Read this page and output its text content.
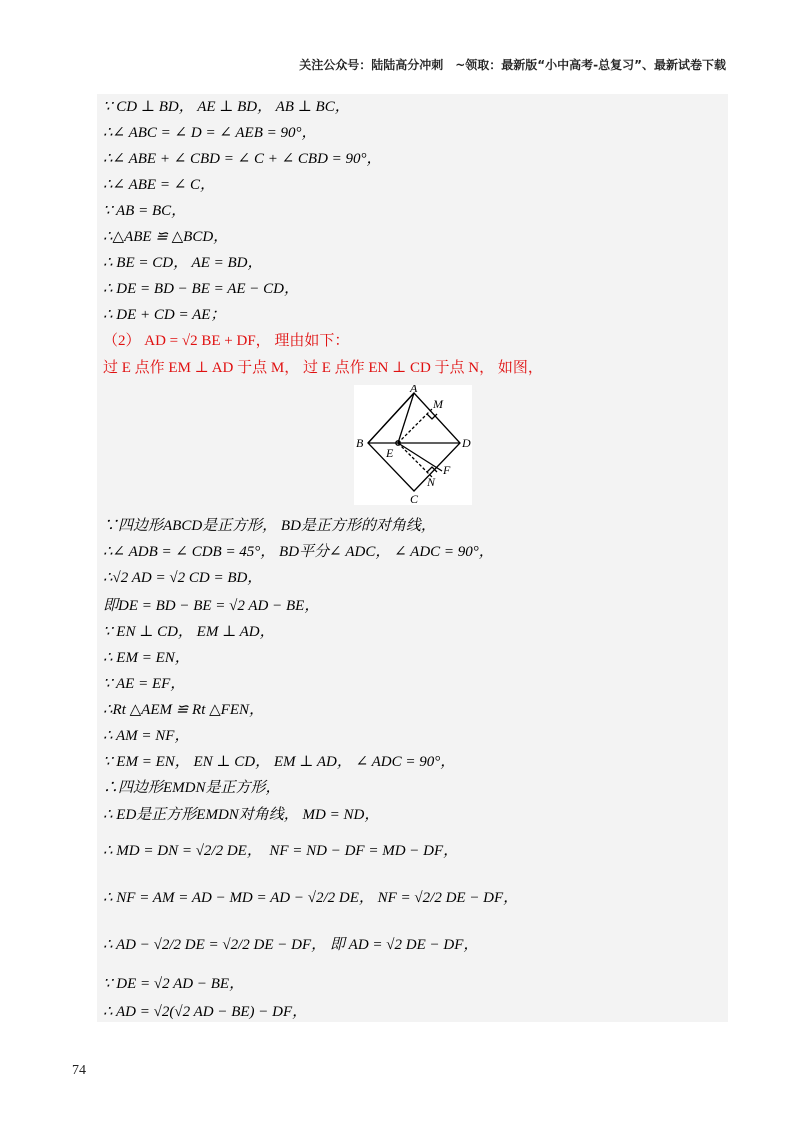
关注公众号：陆陆高分冲刺　~领取：最新版“小中高考-总复习”、最新试卷下载
∵ CD ⊥ BD， AE ⊥ BD， AB ⊥ BC，
∴∠ ABC = ∠ D = ∠ AEB = 90°，
∴∠ ABE + ∠ CBD = ∠ C + ∠ CBD = 90°，
∴∠ ABE = ∠ C，
∵ AB = BC，
∴△ABE ≌ △BCD，
∴ BE = CD， AE = BD，
∴ DE = BD − BE = AE − CD，
∴ DE + CD = AE；
（2） AD = √2 BE + DF， 理由如下：
过 E 点作 EM ⊥ AD 于点 M， 过 E 点作 EN ⊥ CD 于点 N， 如图，
A
B
C
D
E
M
N
F
∵四边形ABCD是正方形， BD是正方形的对角线，
∴∠ ADB = ∠ CDB = 45°， BD平分∠ ADC， ∠ ADC = 90°，
∴√2 AD = √2 CD = BD，
即DE = BD − BE = √2 AD − BE，
∵ EN ⊥ CD， EM ⊥ AD，
∴ EM = EN，
∵ AE = EF，
∴Rt △AEM ≌ Rt △FEN，
∴ AM = NF，
∵ EM = EN， EN ⊥ CD， EM ⊥ AD， ∠ ADC = 90°，
∴四边形EMDN是正方形，
∴ ED是正方形EMDN对角线， MD = ND，
∴ MD = DN = √2/2 DE，　NF = ND − DF = MD − DF，
∴ NF = AM = AD − MD = AD − √2/2 DE， NF = √2/2 DE − DF，
∴ AD − √2/2 DE = √2/2 DE − DF， 即 AD = √2 DE − DF，
∵ DE = √2 AD − BE，
∴ AD = √2(√2 AD − BE) − DF，
74
